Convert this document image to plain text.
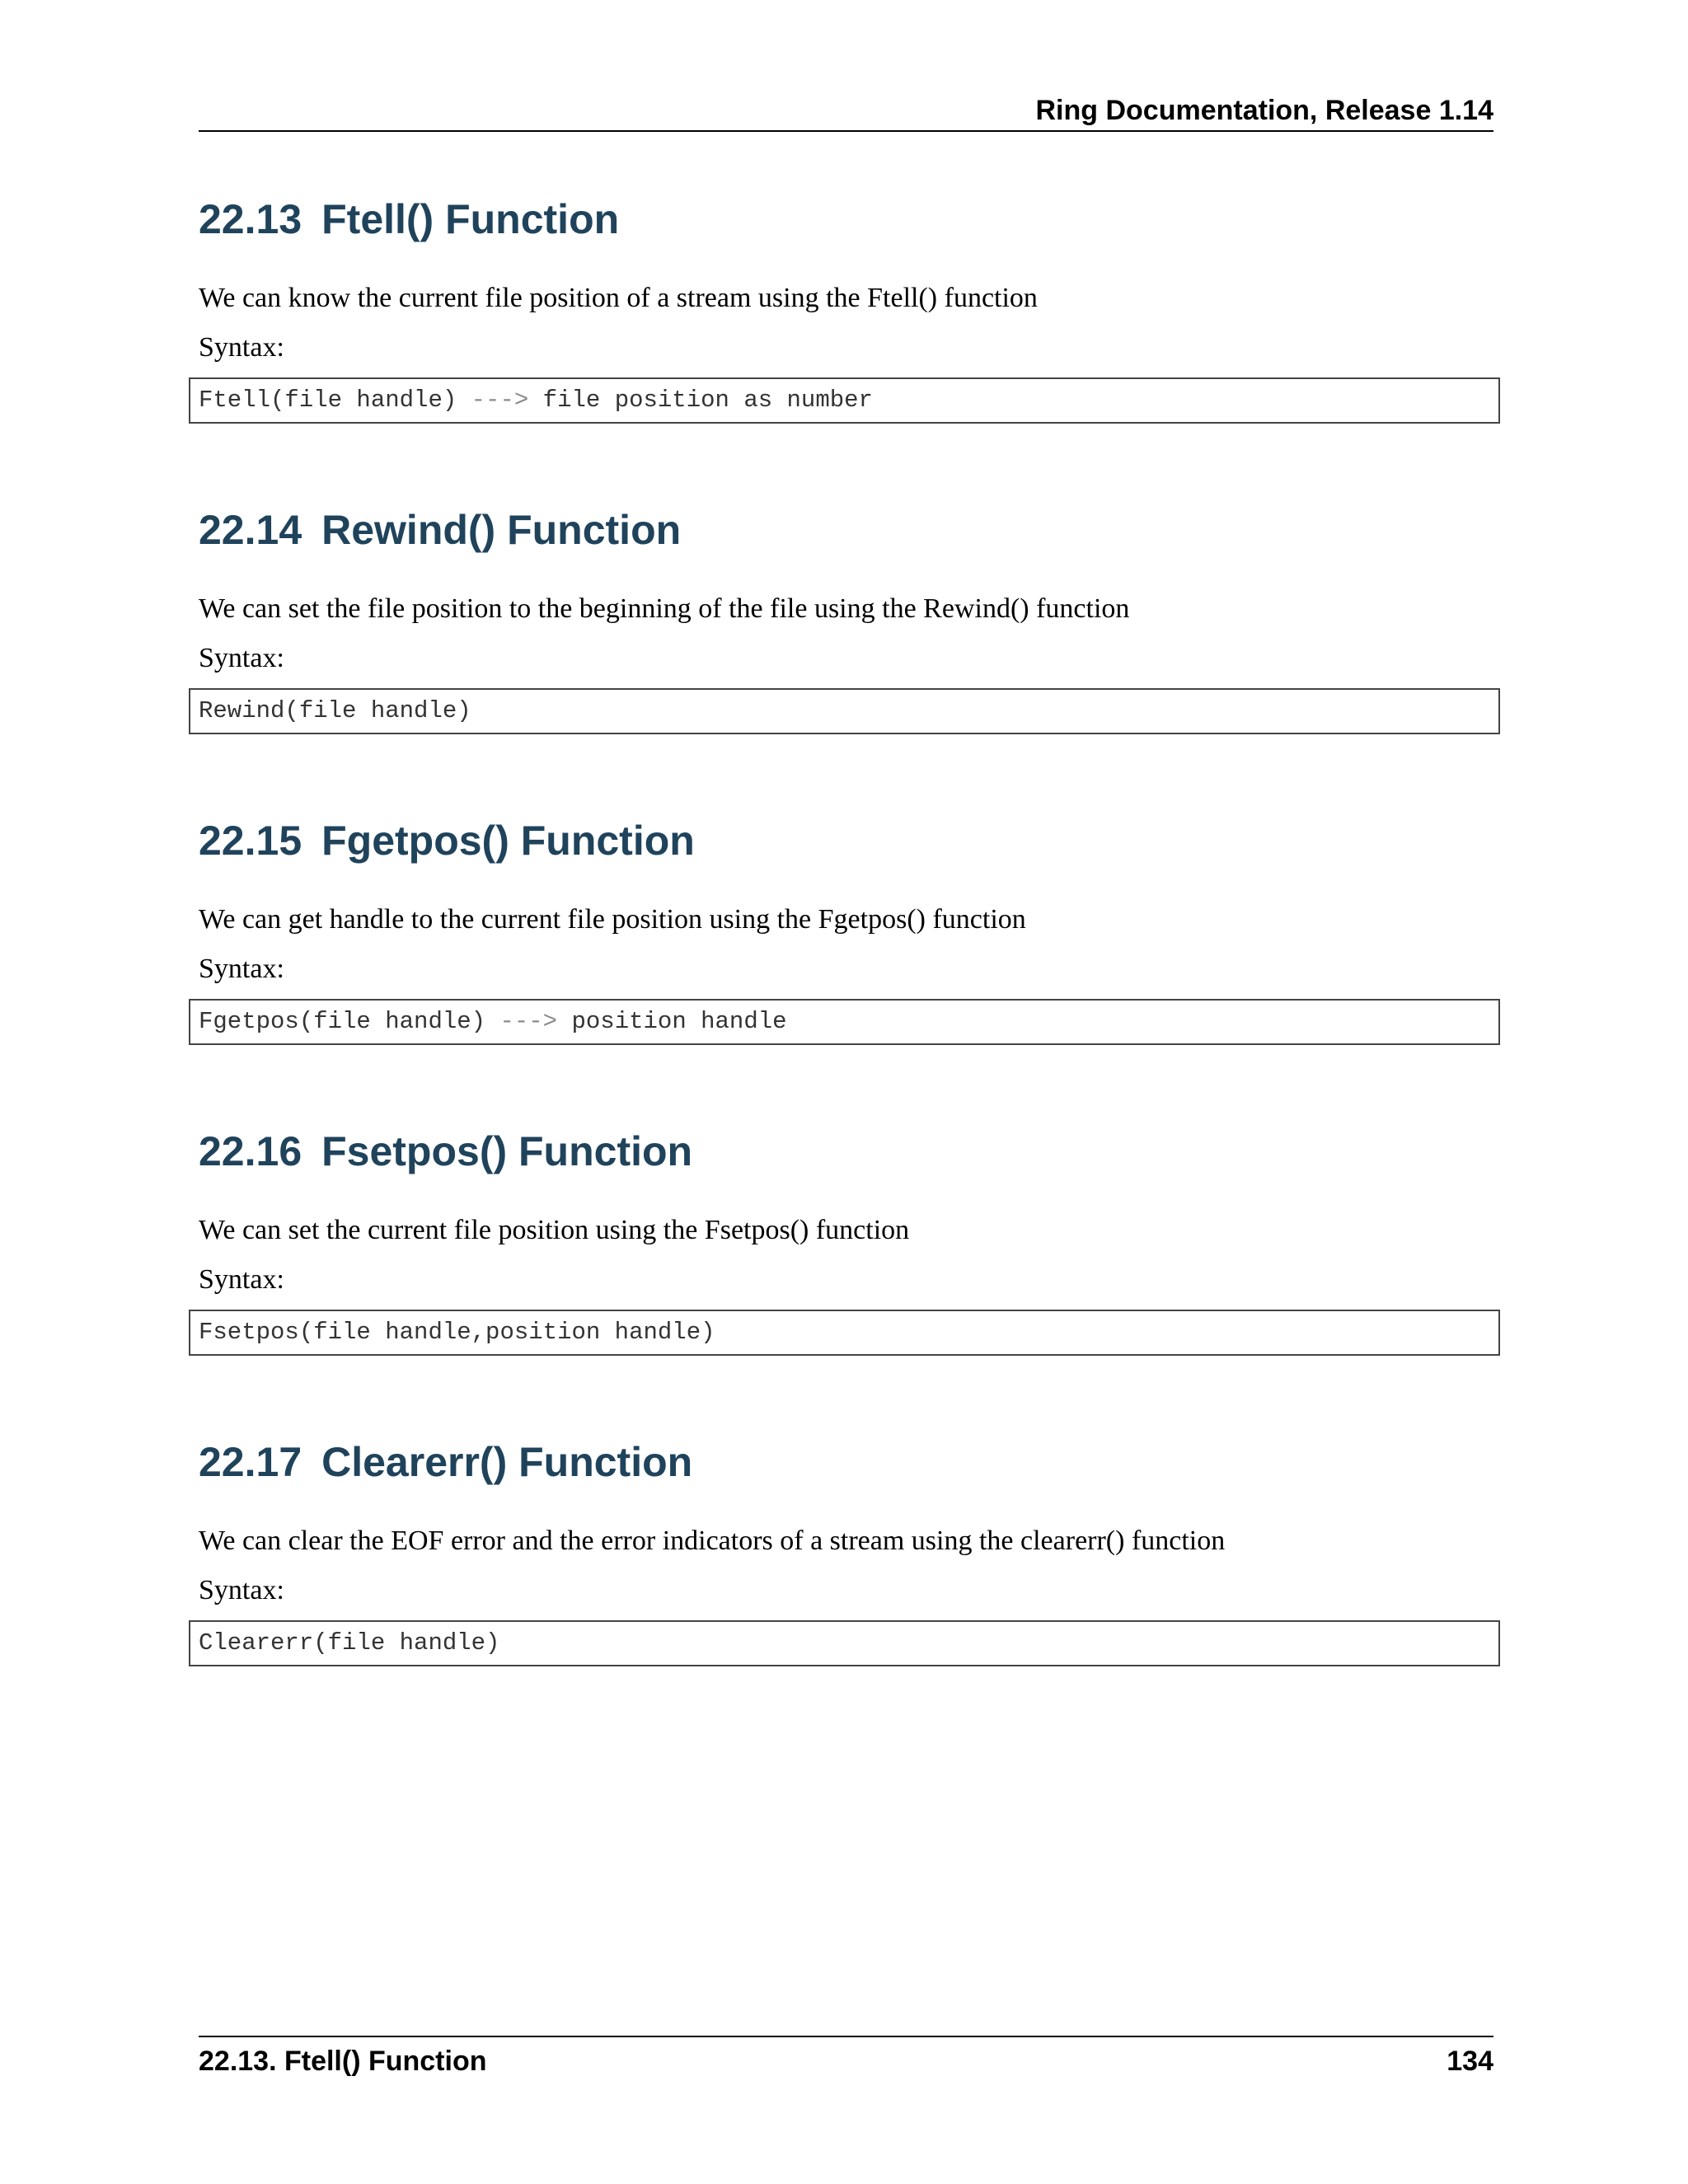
Ring Documentation, Release 1.14
22.13 Ftell() Function
We can know the current file position of a stream using the Ftell() function
Syntax:
Ftell(file handle) ---> file position as number
22.14 Rewind() Function
We can set the file position to the beginning of the file using the Rewind() function
Syntax:
Rewind(file handle)
22.15 Fgetpos() Function
We can get handle to the current file position using the Fgetpos() function
Syntax:
Fgetpos(file handle) ---> position handle
22.16 Fsetpos() Function
We can set the current file position using the Fsetpos() function
Syntax:
Fsetpos(file handle,position handle)
22.17 Clearerr() Function
We can clear the EOF error and the error indicators of a stream using the clearerr() function
Syntax:
Clearerr(file handle)
22.13. Ftell() Function	134
